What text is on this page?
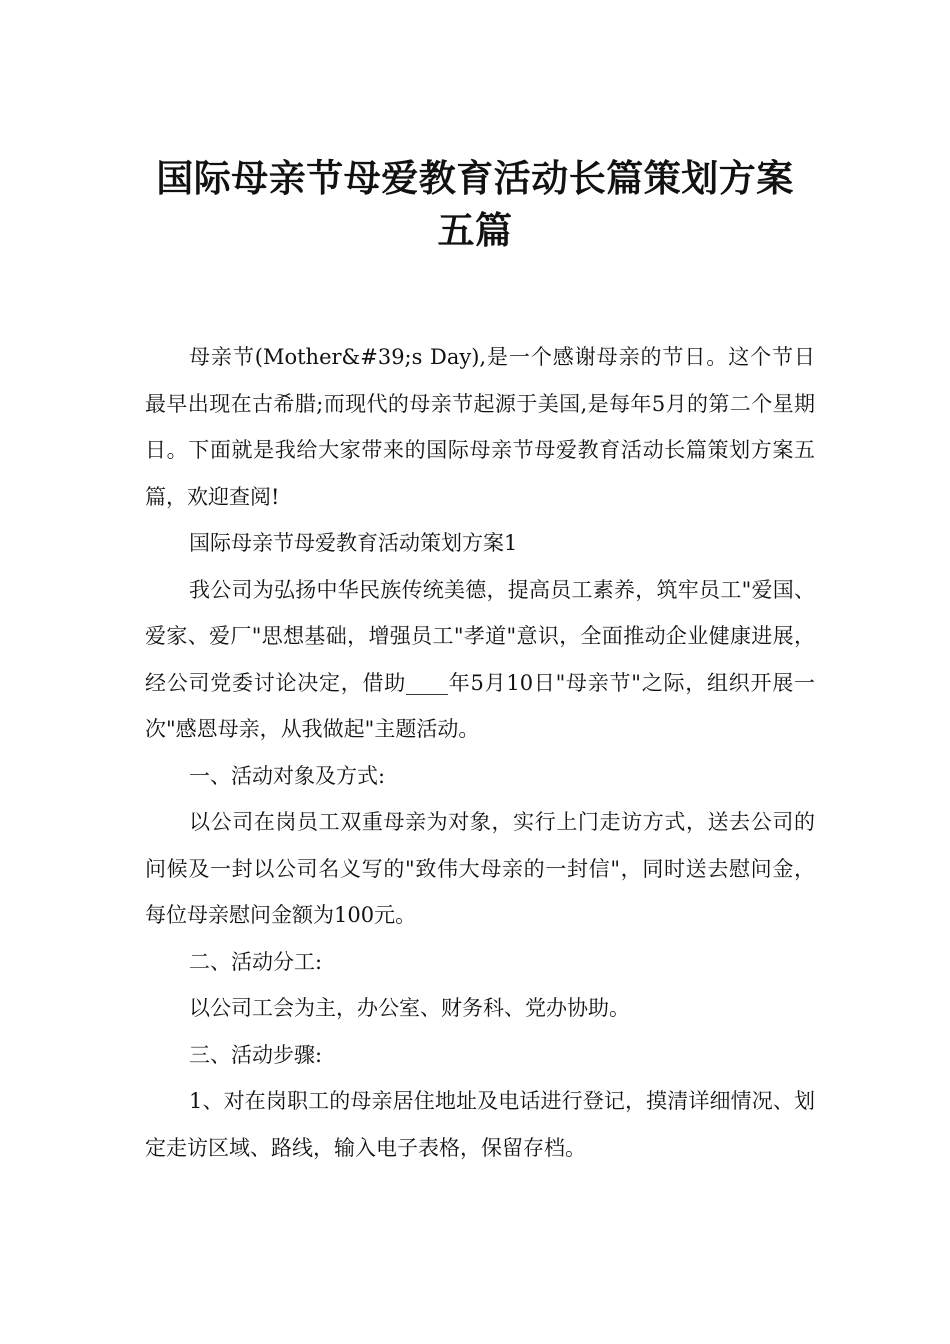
国际母亲节母爱教育活动长篇策划方案
五篇

母亲节(Mother&#39;s Day),是一个感谢母亲的节日。这个节日最早出现在古希腊;而现代的母亲节起源于美国,是每年5月的第二个星期日。下面就是我给大家带来的国际母亲节母爱教育活动长篇策划方案五篇，欢迎查阅!

国际母亲节母爱教育活动策划方案1

我公司为弘扬中华民族传统美德，提高员工素养，筑牢员工"爱国、爱家、爱厂"思想基础，增强员工"孝道"意识，全面推动企业健康进展，经公司党委讨论决定，借助____年5月10日"母亲节"之际，组织开展一次"感恩母亲，从我做起"主题活动。

一、活动对象及方式:

以公司在岗员工双重母亲为对象，实行上门走访方式，送去公司的问候及一封以公司名义写的"致伟大母亲的一封信"，同时送去慰问金，每位母亲慰问金额为100元。

二、活动分工:

以公司工会为主，办公室、财务科、党办协助。

三、活动步骤:

1、对在岗职工的母亲居住地址及电话进行登记，摸清详细情况、划定走访区域、路线，输入电子表格，保留存档。
